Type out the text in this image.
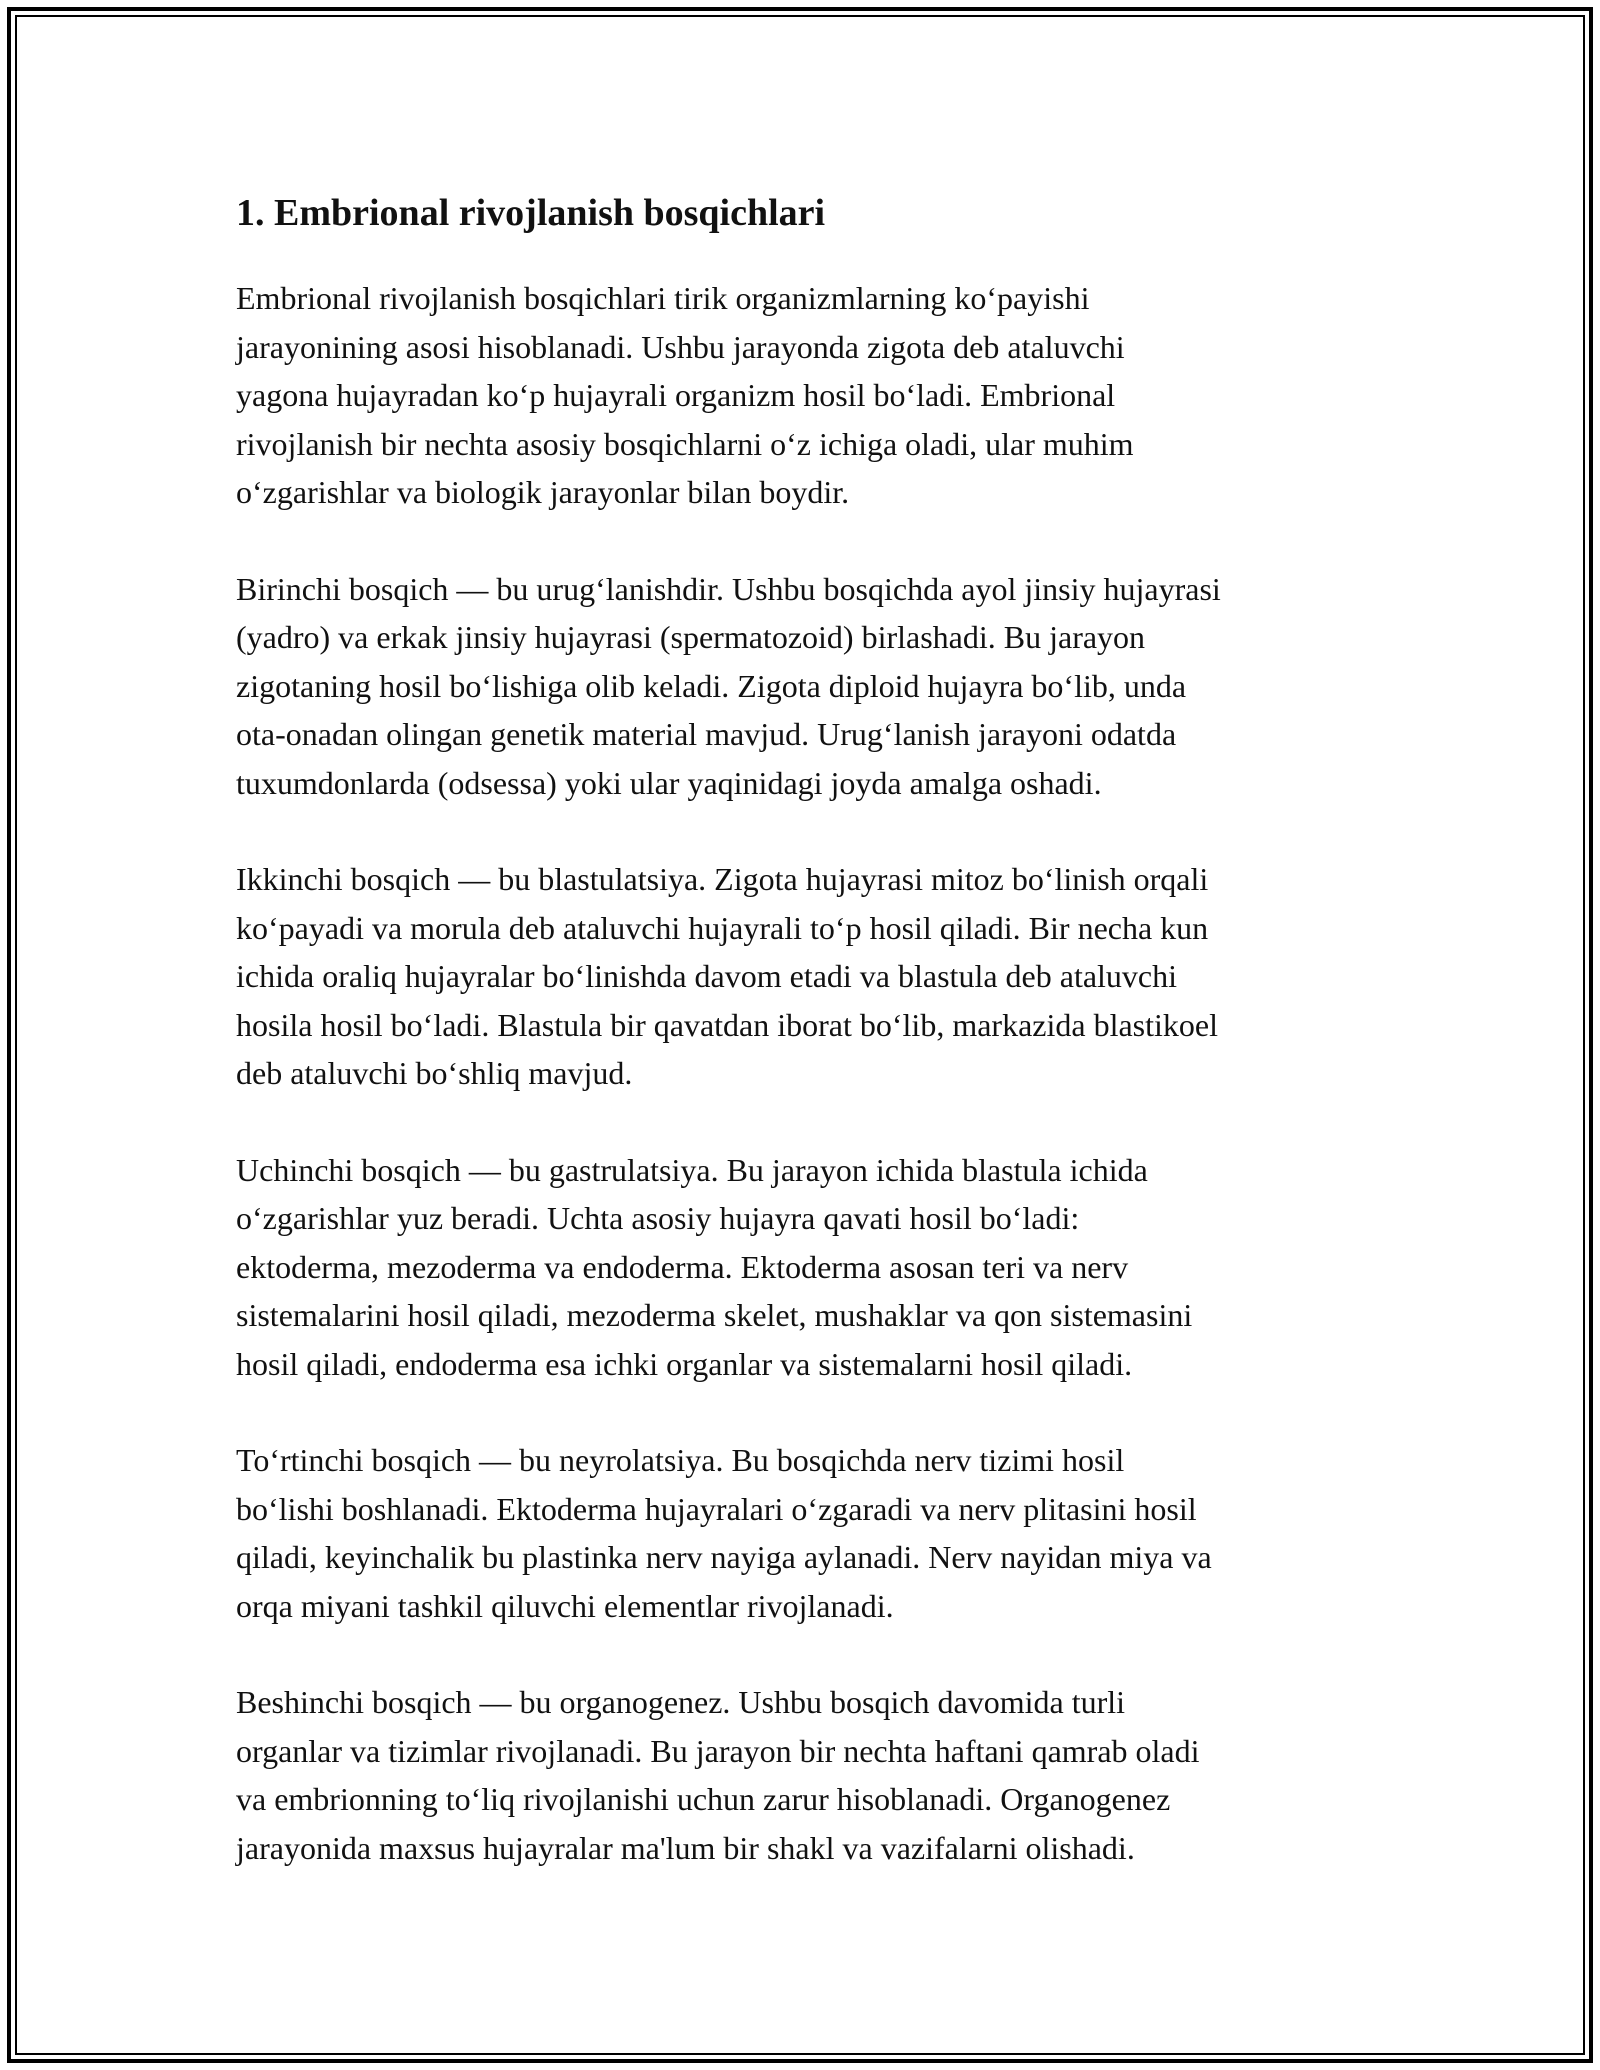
1. Embrional rivojlanish bosqichlari

Embrional rivojlanish bosqichlari tirik organizmlarning ko‘payishi
jarayonining asosi hisoblanadi. Ushbu jarayonda zigota deb ataluvchi
yagona hujayradan ko‘p hujayrali organizm hosil bo‘ladi. Embrional
rivojlanish bir nechta asosiy bosqichlarni o‘z ichiga oladi, ular muhim
o‘zgarishlar va biologik jarayonlar bilan boydir.

Birinchi bosqich — bu urug‘lanishdir. Ushbu bosqichda ayol jinsiy hujayrasi
(yadro) va erkak jinsiy hujayrasi (spermatozoid) birlashadi. Bu jarayon
zigotaning hosil bo‘lishiga olib keladi. Zigota diploid hujayra bo‘lib, unda
ota-onadan olingan genetik material mavjud. Urug‘lanish jarayoni odatda
tuxumdonlarda (odsessa) yoki ular yaqinidagi joyda amalga oshadi.

Ikkinchi bosqich — bu blastulatsiya. Zigota hujayrasi mitoz bo‘linish orqali
ko‘payadi va morula deb ataluvchi hujayrali to‘p hosil qiladi. Bir necha kun
ichida oraliq hujayralar bo‘linishda davom etadi va blastula deb ataluvchi
hosila hosil bo‘ladi. Blastula bir qavatdan iborat bo‘lib, markazida blastikoel
deb ataluvchi bo‘shliq mavjud.

Uchinchi bosqich — bu gastrulatsiya. Bu jarayon ichida blastula ichida
o‘zgarishlar yuz beradi. Uchta asosiy hujayra qavati hosil bo‘ladi:
ektoderma, mezoderma va endoderma. Ektoderma asosan teri va nerv
sistemalarini hosil qiladi, mezoderma skelet, mushaklar va qon sistemasini
hosil qiladi, endoderma esa ichki organlar va sistemalarni hosil qiladi.

To‘rtinchi bosqich — bu neyrolatsiya. Bu bosqichda nerv tizimi hosil
bo‘lishi boshlanadi. Ektoderma hujayralari o‘zgaradi va nerv plitasini hosil
qiladi, keyinchalik bu plastinka nerv nayiga aylanadi. Nerv nayidan miya va
orqa miyani tashkil qiluvchi elementlar rivojlanadi.

Beshinchi bosqich — bu organogenez. Ushbu bosqich davomida turli
organlar va tizimlar rivojlanadi. Bu jarayon bir nechta haftani qamrab oladi
va embrionning to‘liq rivojlanishi uchun zarur hisoblanadi. Organogenez
jarayonida maxsus hujayralar ma'lum bir shakl va vazifalarni olishadi.
